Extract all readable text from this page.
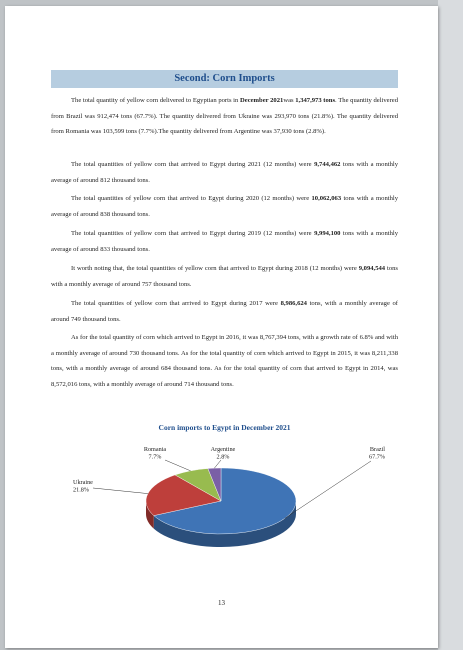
Second: Corn Imports

The total quantity of yellow corn delivered to Egyptian ports in December 2021was 1,347,973 tons. The quantity delivered from Brazil was 912,474 tons (67.7%). The quantity delivered from Ukraine was 293,970 tons (21.8%). The quantity delivered from Romania was 103,599 tons (7.7%).The quantity delivered from Argentine was 37,930 tons (2.8%).

The total quantities of yellow corn that arrived to Egypt during 2021 (12 months) were 9,744,462 tons with a monthly average of around 812 thousand tons.

The total quantities of yellow corn that arrived to Egypt during 2020 (12 months) were 10,062,063 tons with a monthly average of around 838 thousand tons.

The total quantities of yellow corn that arrived to Egypt during 2019 (12 months) were 9,994,100 tons with a monthly average of around 833 thousand tons.

It worth noting that, the total quantities of yellow corn that arrived to Egypt during 2018 (12 months) were 9,094,544 tons with a monthly average of around 757 thousand tons.

The total quantities of yellow corn that arrived to Egypt during 2017 were 8,986,624 tons, with a monthly average of around 749 thousand tons.

As for the total quantity of corn which arrived to Egypt in 2016, it was 8,767,394 tons, with a growth rate of 6.8% and with a monthly average of around 730 thousand tons. As for the total quantity of corn which arrived to Egypt in 2015, it was 8,211,338 tons, with a monthly average of around 684 thousand tons. As for the total quantity of corn that arrived to Egypt in 2014, was 8,572,016 tons, with a monthly average of around 714 thousand tons.

Corn imports to Egypt in December 2021
Brazil
67.7%
Ukraine
21.8%
Romania
7.7%
Argentine
2.8%
13
